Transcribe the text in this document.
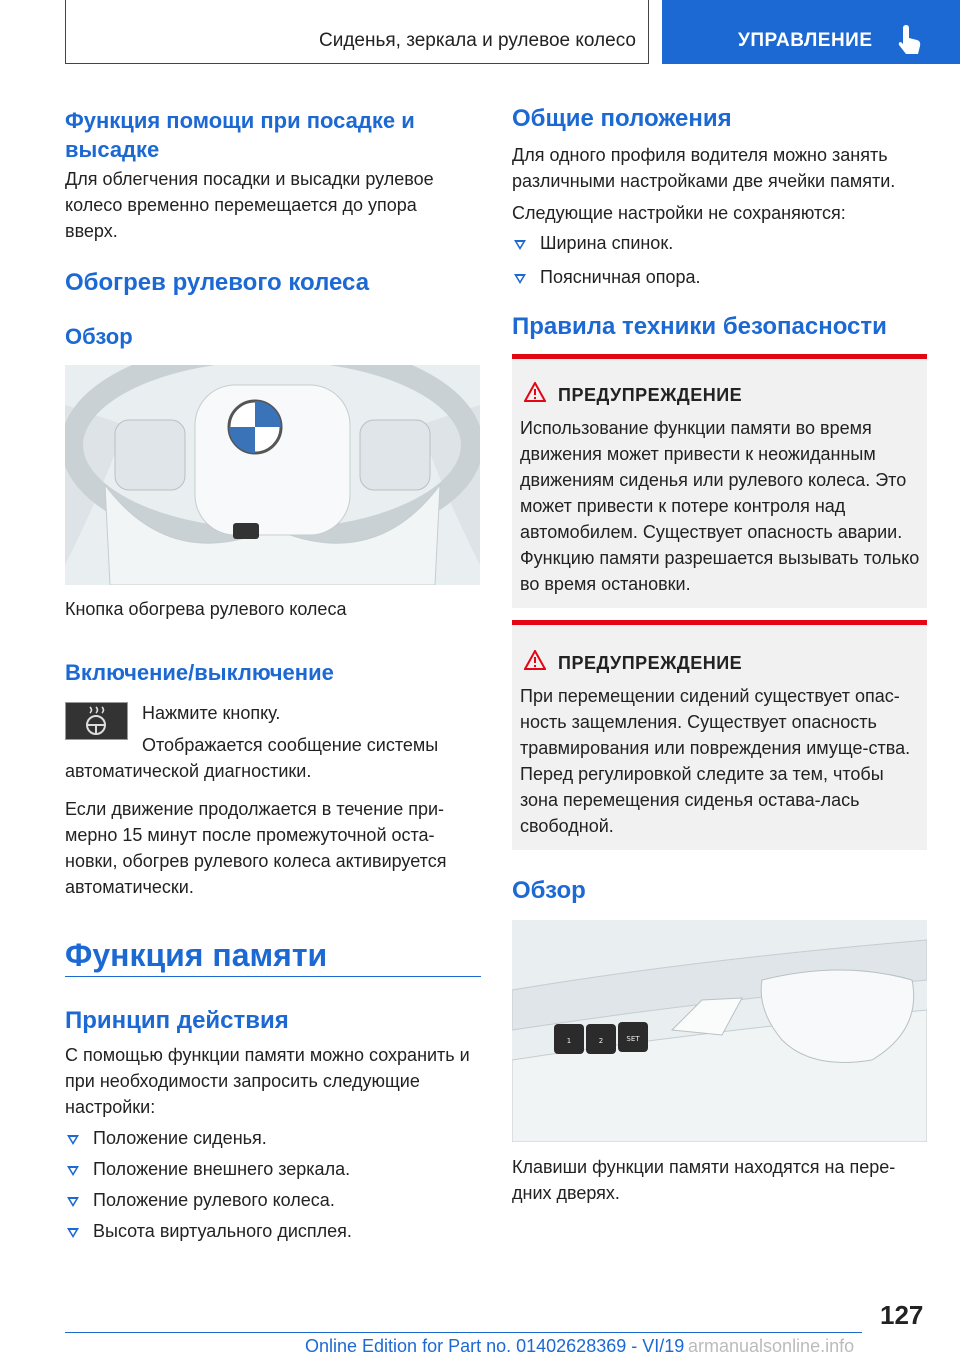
Сиденья, зеркала и рулевое колесо	УПРАВЛЕНИЕ
Функция помощи при посадке и высадке
Для облегчения посадки и высадки рулевое колесо временно перемещается до упора вверх.
Обогрев рулевого колеса
Обзор
Кнопка обогрева рулевого колеса
Включение/выключение
Нажмите кнопку.
Отображается сообщение системы
автоматической диагностики.
Если движение продолжается в течение при-мерно 15 минут после промежуточной оста-новки, обогрев рулевого колеса активируется автоматически.
Функция памяти
Принцип действия
С помощью функции памяти можно сохранить и при необходимости запросить следующие настройки:
Положение сиденья.
Положение внешнего зеркала.
Положение рулевого колеса.
Высота виртуального дисплея.
Общие положения
Для одного профиля водителя можно занять различными настройками две ячейки памяти.
Следующие настройки не сохраняются:
Ширина спинок.
Поясничная опора.
Правила техники безопасности
ПРЕДУПРЕЖДЕНИЕ
Использование функции памяти во время движения может привести к неожиданным движениям сиденья или рулевого колеса. Это может привести к потере контроля над автомобилем. Существует опасность аварии. Функцию памяти разрешается вызывать только во время остановки.
ПРЕДУПРЕЖДЕНИЕ
При перемещении сидений существует опас-ность защемления. Существует опасность травмирования или повреждения имуще-ства. Перед регулировкой следите за тем, чтобы зона перемещения сиденья остава-лась свободной.
Обзор
1	2	SET
Клавиши функции памяти находятся на пере-дних дверях.
127
Online Edition for Part no. 01402628369 - VI/19 armanualsonline.info
